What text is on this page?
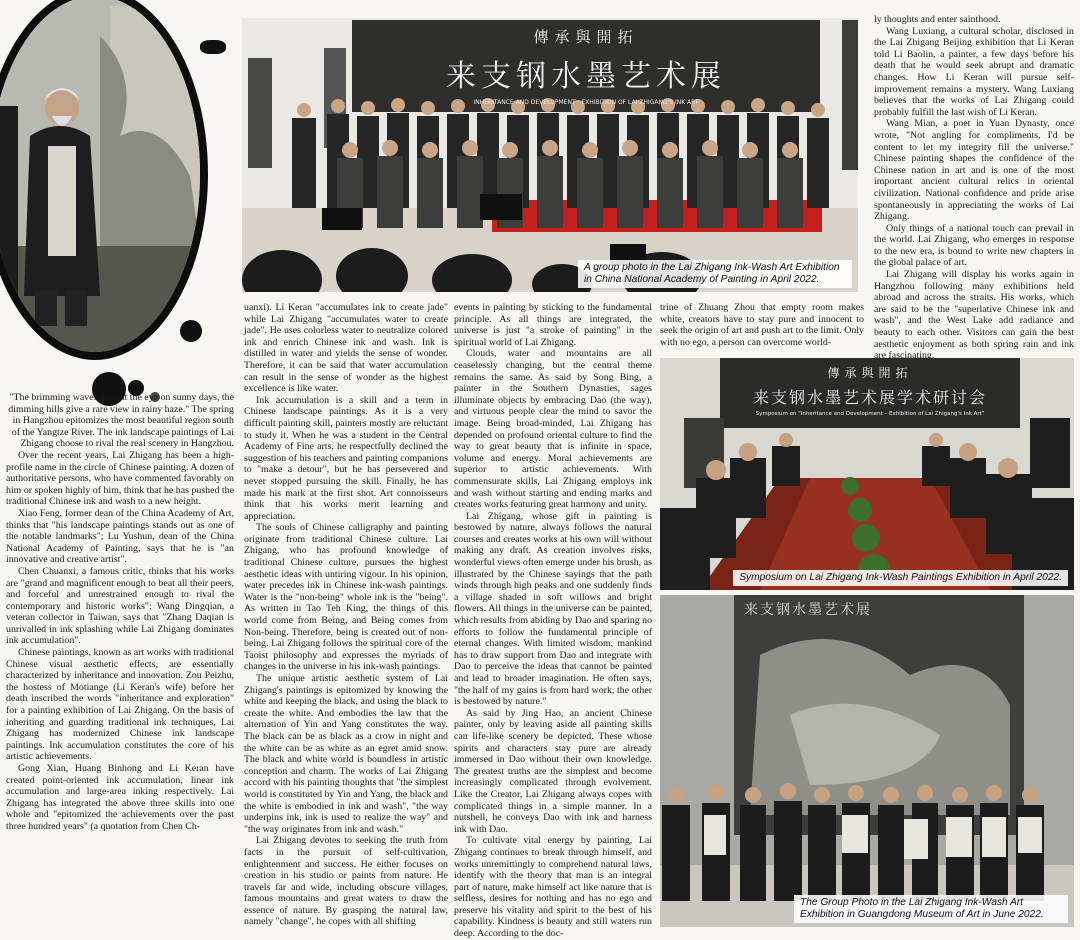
傳承與開拓
来支钢水墨艺术展
INHERITANCE AND DEVELOPMENT · EXHIBITION OF LAI ZHIGANG'S INK ART
A group photo in the Lai Zhigang Ink-Wash Art Exhibition in China National Academy of Painting in April 2022.
傳承與開拓
来支钢水墨艺术展学术研讨会
Symposium on "Inheritance and Development – Exhibition of Lai Zhigang's Ink Art"
Symposium on Lai Zhigang Ink-Wash Paintings Exhibition in April 2022.
来支钢水墨艺术展
The Group Photo in the Lai Zhigang Ink-Wash Art Exhibition in Guangdong Museum of Art in June 2022.

"The brimming waves delight the eye on sunny days, the dimming hills give a rare view in rainy haze." The spring in Hangzhou epitomizes the most beautiful region south of the Yangtze River. The ink landscape paintings of Lai Zhigang choose to rival the real scenery in Hangzhou.

Over the recent years, Lai Zhigang has been a high-profile name in the circle of Chinese painting. A dozen of authoritative persons, who have commented favorably on him or spoken highly of him, think that he has pushed the traditional Chinese ink and wash to a new height.

Xiao Feng, former dean of the China Academy of Art, thinks that "his landscape paintings stands out as one of the notable landmarks"; Lu Yushun, dean of the China National Academy of Painting, says that he is "an innovative and creative artist".

Chen Chuanxi, a famous critic, thinks that his works are "grand and magnificent enough to beat all their peers, and forceful and unrestrained enough to rival the contemporary and historic works"; Wang Dingqian, a veteran collector in Taiwan, says that "Zhang Daqian is unrivalled in ink splashing while Lai Zhigang dominates ink accumulation".

Chinese paintings, known as art works with traditional Chinese visual aesthetic effects, are essentially characterized by inheritance and innovation. Zou Peizhu, the hostess of Motiange (Li Keran's wife) before her death inscribed the words "inheritance and exploration" for a painting exhibition of Lai Zhigang. On the basis of inheriting and guarding traditional ink techniques, Lai Zhigang has modernized Chinese ink landscape paintings. Ink accumulation constitutes the core of his artistic achievements.

Gong Xian, Huang Binhong and Li Keran have created point-oriented ink accumulation, linear ink accumulation and large-area inking respectively. Lai Zhigang has integrated the above three skills into one whole and "epitomized the achievements over the past three hundred years" (a quotation from Chen Ch-

uanxi). Li Keran "accumulates ink to create jade" while Lai Zhigang "accumulates water to create jade". He uses colorless water to neutralize colored ink and enrich Chinese ink and wash. Ink is distilled in water and yields the sense of wonder. Therefore, it can be said that water accumulation can result in the sense of wonder as the highest excellence is like water.

Ink accumulation is a skill and a term in Chinese landscape paintings. As it is a very difficult painting skill, painters mostly are reluctant to study it. When he was a student in the Central Academy of Fine arts, he respectfully declined the suggestion of his teachers and painting companions to "make a detour", but he has persevered and never stopped pursuing the skill. Finally, he has made his mark at the first shot. Art connoisseurs think that his works merit learning and appreciation.

The souls of Chinese calligraphy and painting originate from traditional Chinese culture. Lai Zhigang, who has profound knowledge of traditional Chinese culture, pursues the highest aesthetic ideas with untiring vigour. In his opinion, water precedes ink in Chinese ink-wash paintings. Water is the "non-being" whole ink is the "being". As written in Tao Teh King, the things of this world come from Being, and Being comes from Non-being. Therefore, being is created out of non-being. Lai Zhigang follows the spiritual core of the Taoist philosophy and expresses the myriads of changes in the universe in his ink-wash paintings.

The unique artistic aesthetic system of Lai Zhigang's paintings is epitomized by knowing the white and keeping the black, and using the black to create the white. And embodies the law that the alternation of Yin and Yang constitutes the way. The black can be as black as a crow in night and the white can be as white as an egret amid snow. The black and white world is boundless in artistic conception and charm. The works of Lai Zhigang accord with his painting thoughts that "the simplest world is constituted by Yin and Yang, the black and the white is embodied in ink and wash", "the way underpins ink, ink is used to realize the way" and "the way originates from ink and wash."

Lai Zhigang devotes to seeking the truth from facts in the pursuit of self-cultivation, enlightenment and success. He either focuses on creation in his studio or paints from nature. He travels far and wide, including obscure villages, famous mountains and great waters to draw the essence of nature. By grasping the natural law, namely "change", he copes with all shifting

events in painting by sticking to the fundamental principle. As all things are integrated, the universe is just "a stroke of painting" in the spiritual world of Lai Zhigang.

Clouds, water and mountains are all ceaselessly changing, but the central theme remains the same. As said by Song Bing, a painter in the Southern Dynasties, sages illuminate objects by embracing Dao (the way), and virtuous people clear the mind to savor the image. Being broad-minded, Lai Zhigang has depended on profound oriental culture to find the way to great beauty that is infinite in space, volume and energy. Moral achievements are superior to artistic achievements. With commensurate skills, Lai Zhigang employs ink and wash without starting and ending marks and creates works featuring great harmony and unity.

Lai Zhigang, whose gift in painting is bestowed by nature, always follows the natural courses and creates works at his own will without making any draft. As creation involves risks, wonderful views often emerge under his brush, as illustrated by the Chinese sayings that the path winds through high peaks and one suddenly finds a village shaded in soft willows and bright flowers. All things in the universe can be painted, which results from abiding by Dao and sparing no efforts to follow the fundamental principle of eternal changes. With limited wisdom, mankind has to draw support from Dao and integrate with Dao to perceive the ideas that cannot be painted and lead to broader imagination. He often says, "the half of my gains is from hard work, the other is bestowed by nature."

As said by Jing Hao, an ancient Chinese painter, only by leaving aside all painting skills can life-like scenery be depicted. These whose spirits and characters stay pure are already immersed in Dao without their own knowledge. The greatest truths are the simplest and become increasingly complicated through evolvement. Like the Creator, Lai Zhigang always copes with complicated things in a simple manner. In a nutshell, he conveys Dao with ink and harness ink with Dao.

To cultivate vital energy by painting, Lai Zhigang continues to break through himself, and works unremittingly to comprehend natural laws, identify with the theory that man is an integral part of nature, make himself act like nature that is selfless, desires for nothing and has no ego and preserve his vitality and spirit to the best of his capability. Kindness is beauty and still waters run deep. According to the doc-

trine of Zhuang Zhou that empty room makes white, creators have to stay pure and innocent to seek the origin of art and push art to the limit. Only with no ego, a person can overcome world-

ly thoughts and enter sainthood.

Wang Luxiang, a cultural scholar, disclosed in the Lai Zhigang Beijing exhibition that Li Keran told Li Baolin, a painter, a few days before his death that he would seek abrupt and dramatic changes. How Li Keran will pursue self-improvement remains a mystery. Wang Luxiang believes that the works of Lai Zhigang could probably fulfill the last wish of Li Keran.

Wang Mian, a poet in Yuan Dynasty, once wrote, "Not angling for compliments, I'd be content to let my integrity fill the universe." Chinese painting shapes the confidence of the Chinese nation in art and is one of the most important ancient cultural relics in oriental civilization. National confidence and pride arise spontaneously in appreciating the works of Lai Zhigang.

Only things of a national touch can prevail in the world. Lai Zhigang, who emerges in response to the new era, is bound to write new chapters in the global palace of art.

Lai Zhigang will display his works again in Hangzhou following many exhibitions held abroad and across the straits. His works, which are said to be the "superlative Chinese ink and wash", and the West Lake add radiance and beauty to each other. Visitors can gain the best aesthetic enjoyment as both spring rain and ink are fascinating.
